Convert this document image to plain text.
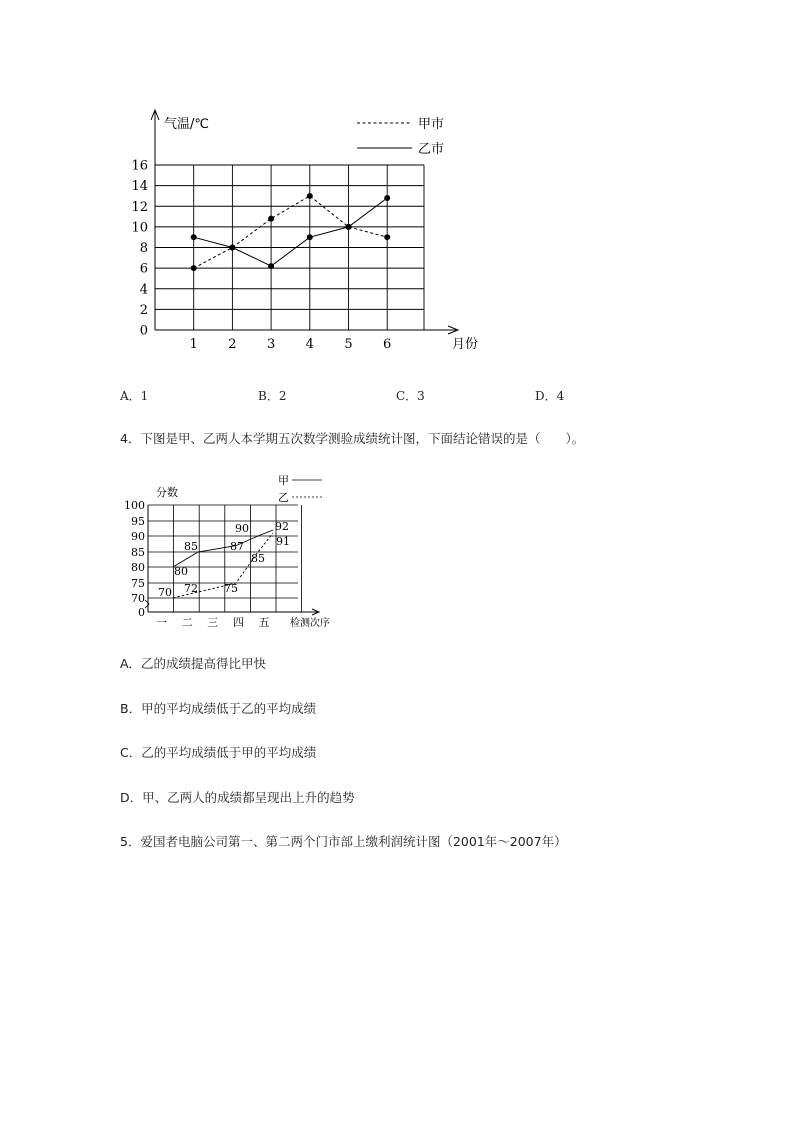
0
2
4
6
8
10
12
14
16
1 2 3 4 5 6
气温/℃
月份
甲市
乙市
A．1	B．2	C．3	D．4
4．下图是甲、乙两人本学期五次数学测验成绩统计图，下面结论错误的是（　　）。
100
95
90
85
80
75
70
0
一 二 三 四 五
分数
检测次序
甲
乙
80
85	87
90 92
70 72 75
85
91
A．乙的成绩提高得比甲快
B．甲的平均成绩低于乙的平均成绩
C．乙的平均成绩低于甲的平均成绩
D．甲、乙两人的成绩都呈现出上升的趋势
5．爱国者电脑公司第一、第二两个门市部上缴利润统计图（2001年～2007年）
